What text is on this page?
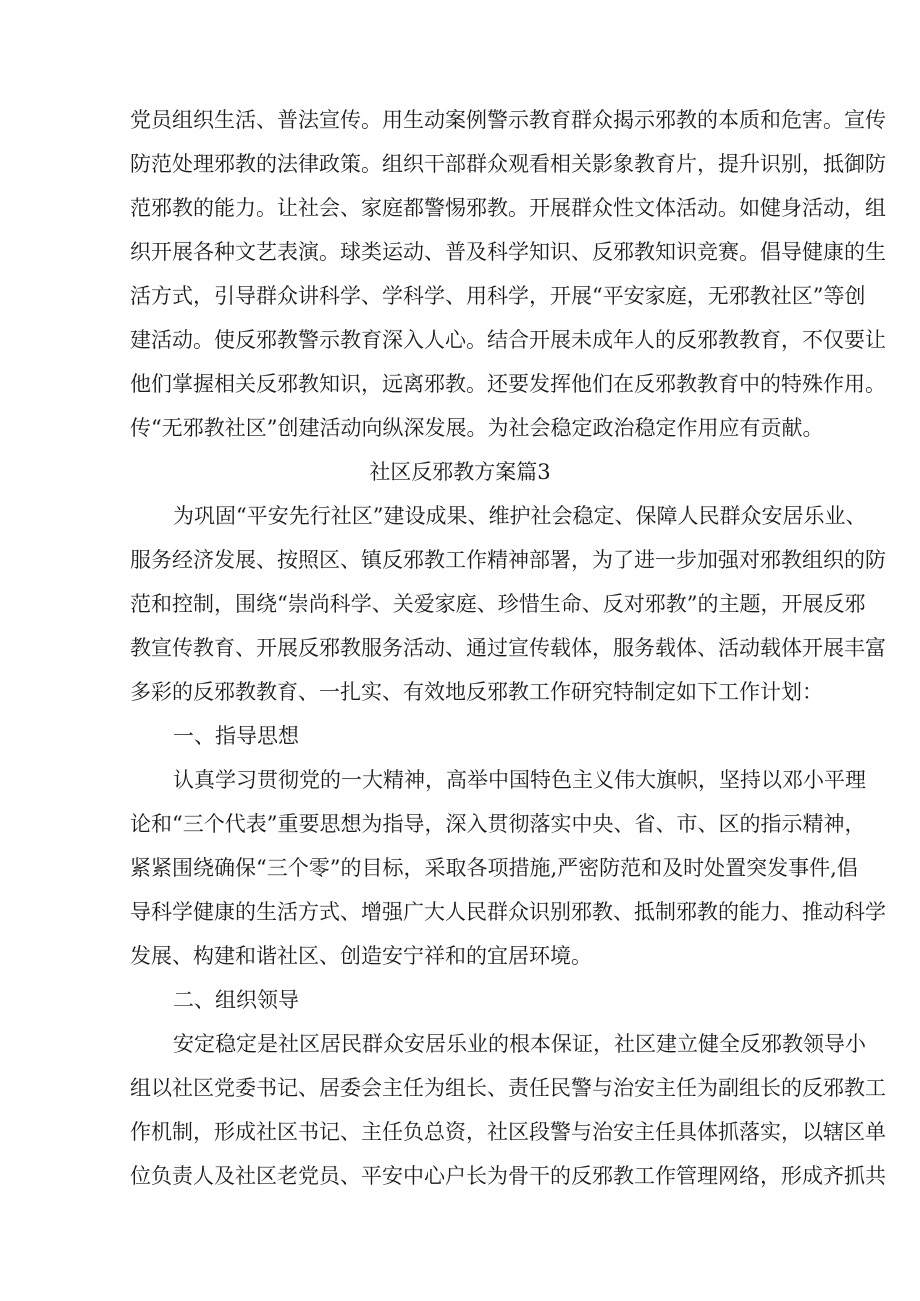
党员组织生活、普法宣传。用生动案例警示教育群众揭示邪教的本质和危害。宣传
防范处理邪教的法律政策。组织干部群众观看相关影象教育片，提升识别，抵御防
范邪教的能力。让社会、家庭都警惕邪教。开展群众性文体活动。如健身活动，组
织开展各种文艺表演。球类运动、普及科学知识、反邪教知识竞赛。倡导健康的生
活方式，引导群众讲科学、学科学、用科学，开展“平安家庭，无邪教社区”等创
建活动。使反邪教警示教育深入人心。结合开展未成年人的反邪教教育，不仅要让
他们掌握相关反邪教知识，远离邪教。还要发挥他们在反邪教教育中的特殊作用。
传“无邪教社区”创建活动向纵深发展。为社会稳定政治稳定作用应有贡献。
社区反邪教方案篇3
为巩固“平安先行社区”建设成果、维护社会稳定、保障人民群众安居乐业、
服务经济发展、按照区、镇反邪教工作精神部署，为了进一步加强对邪教组织的防
范和控制，围绕“崇尚科学、关爱家庭、珍惜生命、反对邪教”的主题，开展反邪
教宣传教育、开展反邪教服务活动、通过宣传载体，服务载体、活动载体开展丰富
多彩的反邪教教育、一扎实、有效地反邪教工作研究特制定如下工作计划：
一、指导思想
认真学习贯彻党的一大精神，高举中国特色主义伟大旗帜，坚持以邓小平理
论和“三个代表”重要思想为指导，深入贯彻落实中央、省、市、区的指示精神，
紧紧围绕确保“三个零”的目标，采取各项措施,严密防范和及时处置突发事件,倡
导科学健康的生活方式、增强广大人民群众识别邪教、抵制邪教的能力、推动科学
发展、构建和谐社区、创造安宁祥和的宜居环境。
二、组织领导
安定稳定是社区居民群众安居乐业的根本保证，社区建立健全反邪教领导小
组以社区党委书记、居委会主任为组长、责任民警与治安主任为副组长的反邪教工
作机制，形成社区书记、主任负总资，社区段警与治安主任具体抓落实，以辖区单
位负责人及社区老党员、平安中心户长为骨干的反邪教工作管理网络，形成齐抓共
